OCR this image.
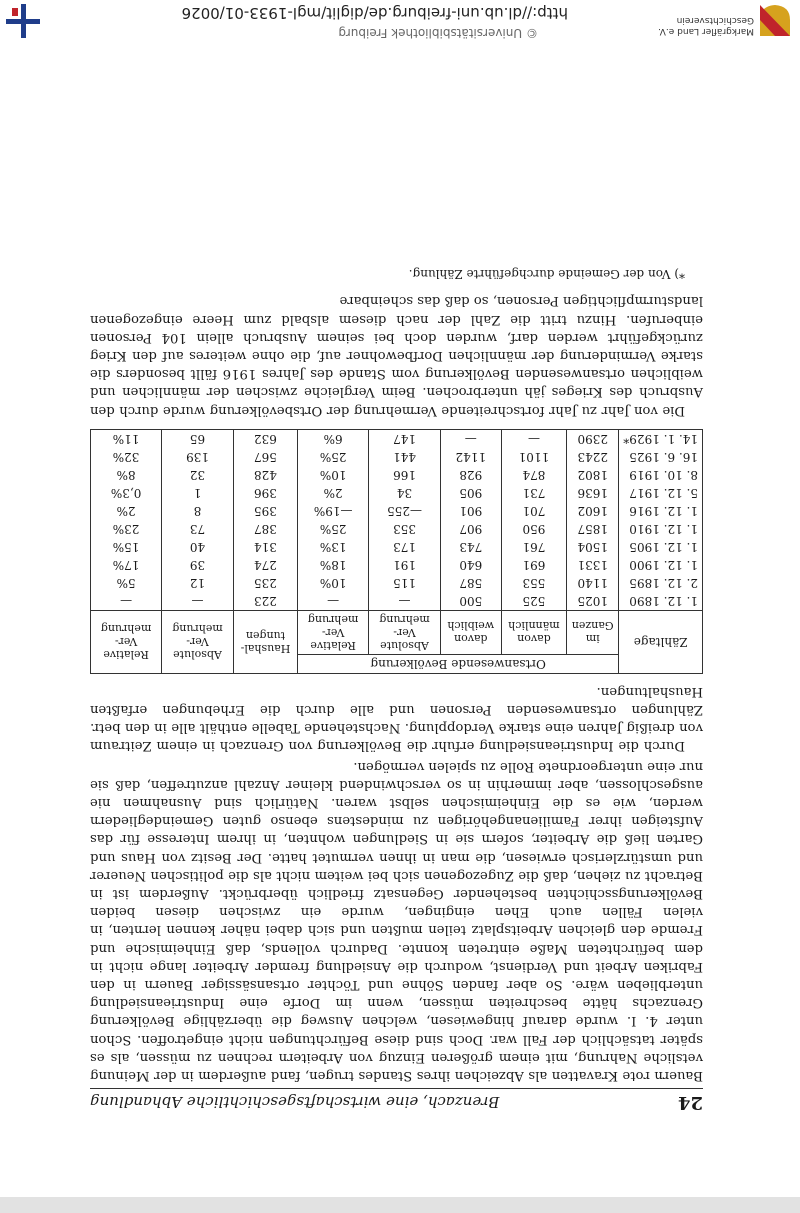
http://dl.ub.uni-freiburg.de/diglit/mgl-1933-01/0026
© Universitätsbibliothek Freiburg	Markgräfler Land e.V. Geschichtsverein
24
Brenzach, eine wirtschaftsgeschichtliche Abhandlung

Bauern rote Kravatten als Abzeichen ihres Standes trugen, fand außerdem in der Meinung vetsliche Nahrung, mit einem größeren Einzug von Arbeitern rechnen zu müssen, als es später tatsächlich der Fall war. Doch sind diese Befürchtungen nicht eingetroffen. Schon unter 4. I. wurde darauf hingewiesen, welchen Ausweg die überzählige Bevölkerung Grenzachs hätte beschreiten müssen, wenn im Dorfe eine Industrieansiedlung unterblieben wäre. So aber fanden Söhne und Töchter ortsansässiger Bauern in den Fabriken Arbeit und Verdienst, wodurch die Ansiedlung fremder Arbeiter lange nicht in dem befürchteten Maße eintreten konnte. Dadurch vollends, daß Einheimische und Fremde den gleichen Arbeitsplatz teilen mußten und sich dabei näher kennen lernten, in vielen Fällen auch Ehen eingingen, wurde ein zwischen diesen beiden Bevölkerungsschichten bestehender Gegensatz friedlich überbrückt. Außerdem ist in Betracht zu ziehen, daß die Zugezogenen sich bei weitem nicht als die politischen Neuerer und umstürzlerisch erwiesen, die man in ihnen vermutet hatte. Der Besitz von Haus und Garten ließ die Arbeiter, sofern sie in Siedlungen wohnten, in ihrem Interesse für das Aufsteigen ihrer Familienangehörigen zu mindestens ebenso guten Gemeindegliedern werden, wie es die Einheimischen selbst waren. Natürlich sind Ausnahmen nie ausgeschlossen, aber immerhin in so verschwindend kleiner Anzahl anzutreffen, daß sie nur eine untergeordnete Rolle zu spielen vermögen.

Durch die Industrieansiedlung erfuhr die Bevölkerung von Grenzach in einem Zeitraum von dreißig Jahren eine starke Verdopplung. Nachstehende Tabelle enthält alle in den betr. Zählungen ortsanwesenden Personen und alle durch die Erhebungen erfaßten Haushaltungen.

Zähltage	Ortsanwesende Bevölkerung					Haushal-tungen	Absolute Ver-mehrung	Relative Ver-mehrung
	im Ganzen	davon männlich	davon weiblich	Absolute Ver-mehrung	Relative Ver-mehrung			
1. 12. 1890	1025	525	500	—	—	223	—	—
2. 12. 1895	1140	553	587	115	10%	235	12	5%
1. 12. 1900	1331	691	640	191	18%	274	39	17%
1. 12. 1905	1504	761	743	173	13%	314	40	15%
1. 12. 1910	1857	950	907	353	25%	387	73	23%
1. 12. 1916	1602	701	901	—255	—19%	395	8	2%
5. 12. 1917	1636	731	905	34	2%	396	1	0,3%
8. 10. 1919	1802	874	928	166	10%	428	32	8%
16. 6. 1925	2243	1101	1142	441	25%	567	139	32%
14. 1. 1929*	2390	—	—	147	6%	632	65	11%

Die von Jahr zu Jahr fortschreitende Vermehrung der Ortsbevölkerung wurde durch den Ausbruch des Krieges jäh unterbrochen. Beim Vergleiche zwischen der männlichen und weiblichen ortsanwesenden Bevölkerung vom Stande des Jahres 1916 fällt besonders die starke Verminderung der männlichen Dorfbewohner auf, die ohne weiteres auf den Krieg zurückgeführt werden darf, wurden doch bei seinem Ausbruch allein 104 Personen einberufen. Hinzu tritt die Zahl der nach diesem alsbald zum Heere eingezogenen landsturmpflichtigen Personen, so daß das scheinbare

*) Von der Gemeinde durchgeführte Zählung.
